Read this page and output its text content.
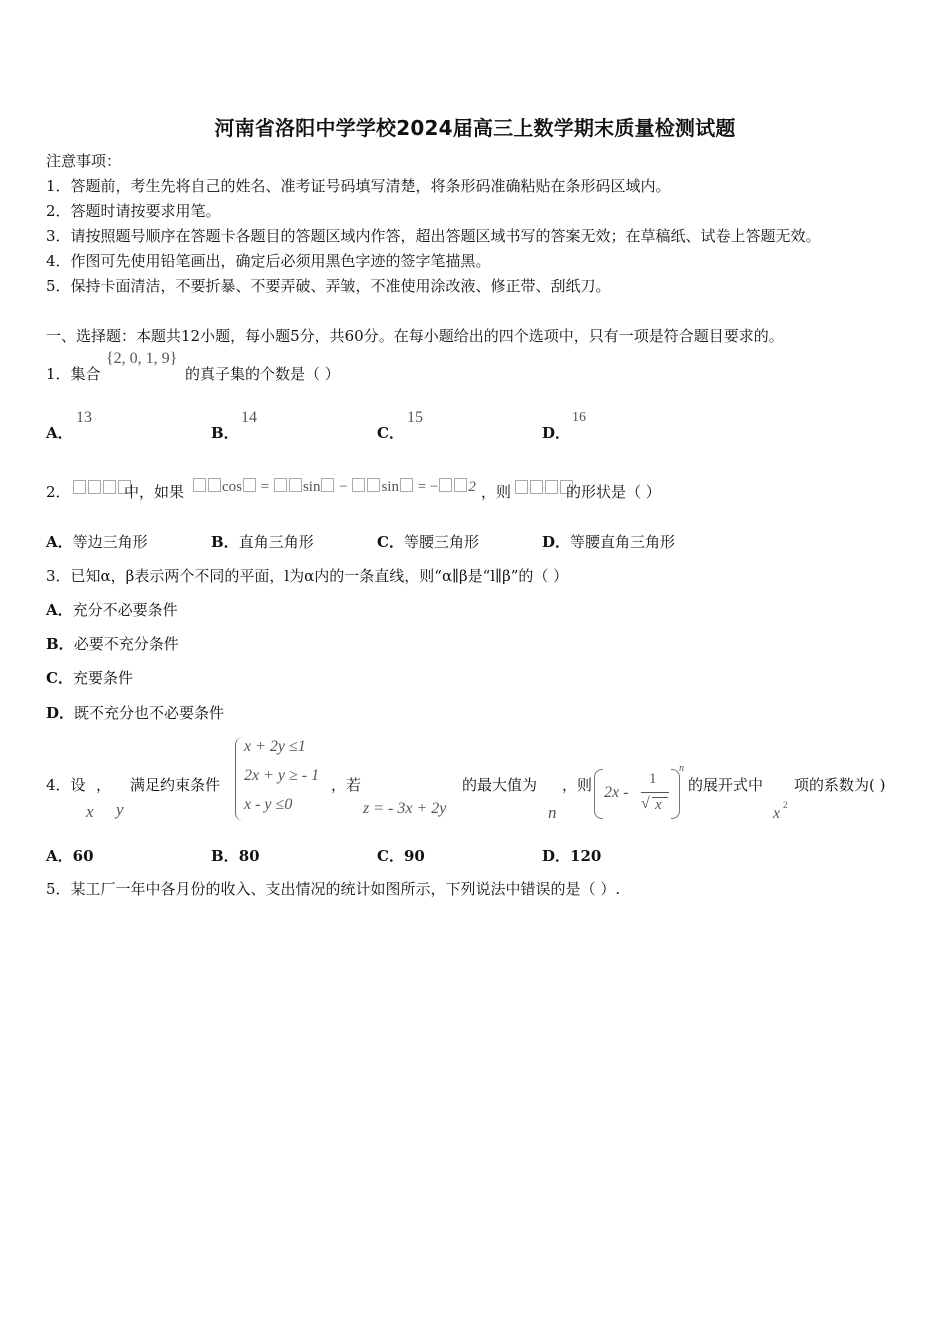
河南省洛阳中学学校2024届高三上数学期末质量检测试题
注意事项：
1．答题前，考生先将自己的姓名、准考证号码填写清楚，将条形码准确粘贴在条形码区域内。
2．答题时请按要求用笔。
3．请按照题号顺序在答题卡各题目的答题区域内作答，超出答题区域书写的答案无效；在草稿纸、试卷上答题无效。
4．作图可先使用铅笔画出，确定后必须用黑色字迹的签字笔描黑。
5．保持卡面清洁，不要折暴、不要弄破、弄皱，不准使用涂改液、修正带、刮纸刀。
一、选择题：本题共12小题，每小题5分，共60分。在每小题给出的四个选项中，只有一项是符合题目要求的。
1．集合
{2, 0, 1, 9}
的真子集的个数是（ ）
A．
13
B．
14
C．
15
D．
16
2．	中，如果	cos = sin − sin = − 2 ，则	的形状是（ ）
A．等边三角形	B．直角三角形	C．等腰三角形	D．等腰直角三角形
3．已知α，β表示两个不同的平面，l为α内的一条直线，则“α∥β是“l∥β”的（ ）
A．充分不必要条件
B．必要不充分条件
C．充要条件
D．既不充分也不必要条件
4．设 ， 满足约束条件
x y
x + 2y ≤1
2x + y ≥ - 1
x - y ≤0
，若
z = - 3x + 2y
的最大值为
n
，则 2x -
1
√ x
n
的展开式中
x 2
项的系数为( )
A．60	B．80	C．90	D．120
5．某工厂一年中各月份的收入、支出情况的统计如图所示，下列说法中错误的是（ ）.
